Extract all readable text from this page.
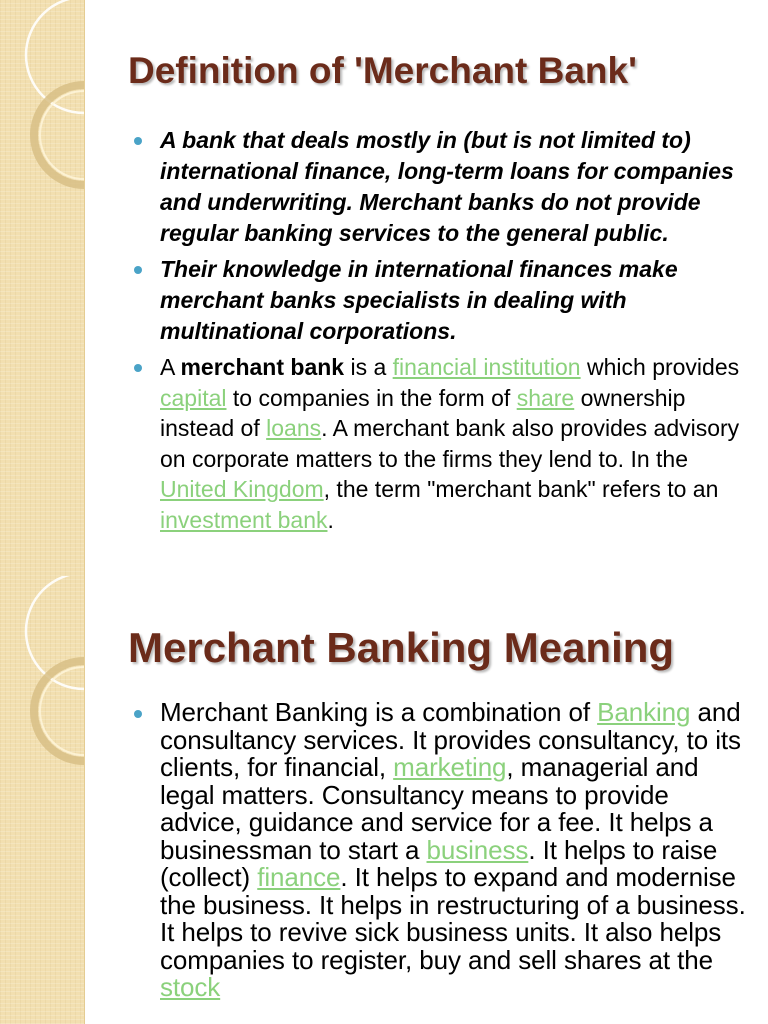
Definition of 'Merchant Bank'
A bank that deals mostly in (but is not limited to) international finance, long-term loans for companies and underwriting. Merchant banks do not provide regular banking services to the general public.
Their knowledge in international finances make merchant banks specialists in dealing with multinational corporations.
A merchant bank is a financial institution which provides capital to companies in the form of share ownership instead of loans. A merchant bank also provides advisory on corporate matters to the firms they lend to. In the United Kingdom, the term "merchant bank" refers to an investment bank.
Merchant Banking Meaning
Merchant Banking is a combination of Banking and consultancy services. It provides consultancy, to its clients, for financial, marketing, managerial and legal matters. Consultancy means to provide advice, guidance and service for a fee. It helps a businessman to start a business. It helps to raise (collect) finance. It helps to expand and modernise the business. It helps in restructuring of a business. It helps to revive sick business units. It also helps companies to register, buy and sell shares at the stock
